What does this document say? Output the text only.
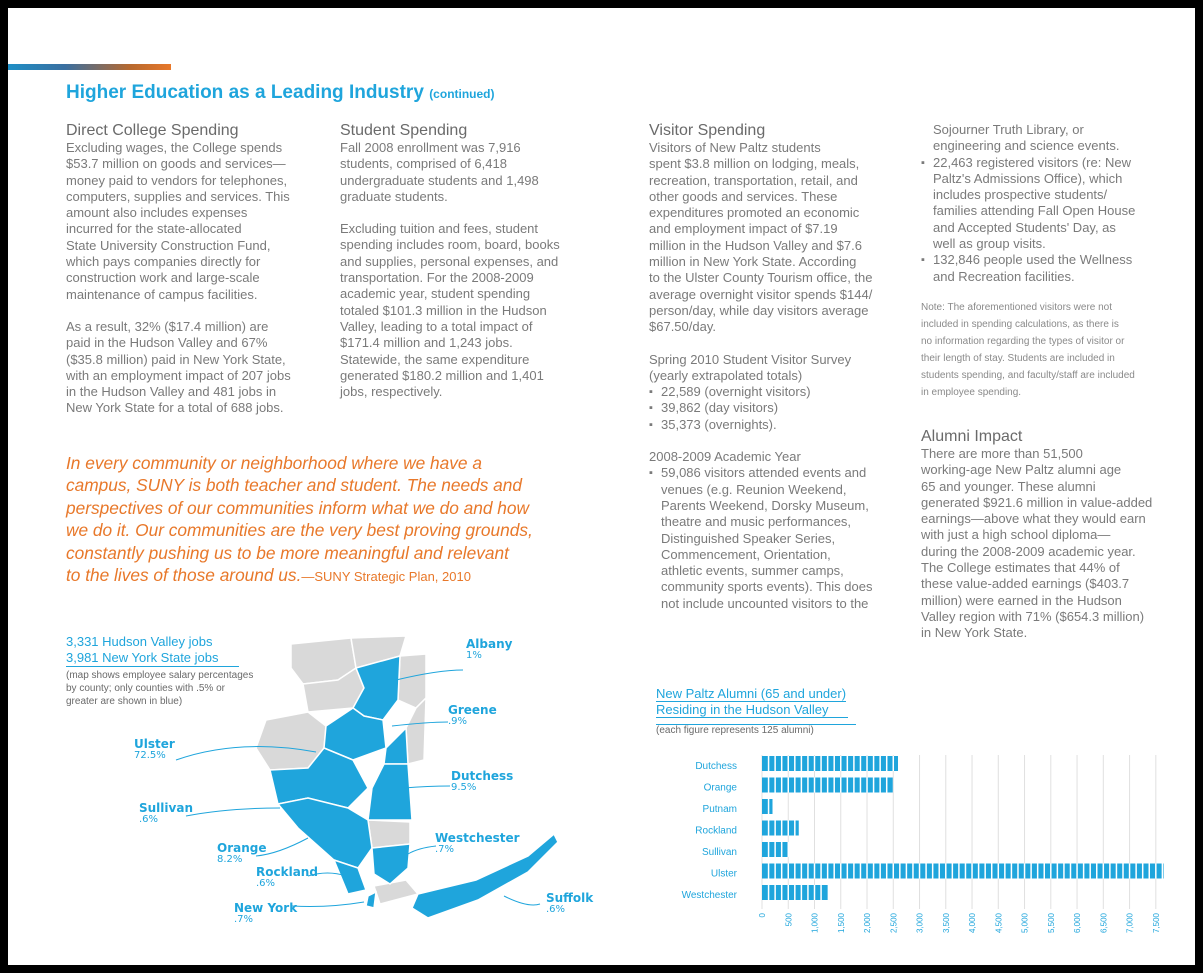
Higher Education as a Leading Industry (continued)
Direct College Spending

Excluding wages, the College spends
$53.7 million on goods and services—
money paid to vendors for telephones,
computers, supplies and services. This
amount also includes expenses
incurred for the state-allocated
State University Construction Fund,
which pays companies directly for
construction work and large-scale
maintenance of campus facilities.

As a result, 32% ($17.4 million) are
paid in the Hudson Valley and 67%
($35.8 million) paid in New York State,
with an employment impact of 207 jobs
in the Hudson Valley and 481 jobs in
New York State for a total of 688 jobs.

Student Spending

Fall 2008 enrollment was 7,916
students, comprised of 6,418
undergraduate students and 1,498
graduate students.

Excluding tuition and fees, student
spending includes room, board, books
and supplies, personal expenses, and
transportation. For the 2008-2009
academic year, student spending
totaled $101.3 million in the Hudson
Valley, leading to a total impact of
$171.4 million and 1,243 jobs.
Statewide, the same expenditure
generated $180.2 million and 1,401
jobs, respectively.

Visitor Spending

Visitors of New Paltz students
spent $3.8 million on lodging, meals,
recreation, transportation, retail, and
other goods and services. These
expenditures promoted an economic
and employment impact of $7.19
million in the Hudson Valley and $7.6
million in New York State. According
to the Ulster County Tourism office, the
average overnight visitor spends $144/
person/day, while day visitors average
$67.50/day.

Spring 2010 Student Visitor Survey
(yearly extrapolated totals)
▪ 22,589 (overnight visitors)
▪ 39,862 (day visitors)
▪ 35,373 (overnights).
2008-2009 Academic Year
▪ 59,086 visitors attended events and
venues (e.g. Reunion Weekend,
Parents Weekend, Dorsky Museum,
theatre and music performances,
Distinguished Speaker Series,
Commencement, Orientation,
athletic events, summer camps,
community sports events). This does
not include uncounted visitors to the
Sojourner Truth Library, or
engineering and science events.
▪ 22,463 registered visitors (re: New
Paltz's Admissions Office), which
includes prospective students/
families attending Fall Open House
and Accepted Students' Day, as
well as group visits.
▪ 132,846 people used the Wellness
and Recreation facilities.
Note: The aforementioned visitors were not
included in spending calculations, as there is
no information regarding the types of visitor or
their length of stay. Students are included in
students spending, and faculty/staff are included
in employee spending.
Alumni Impact

There are more than 51,500
working-age New Paltz alumni age
65 and younger. These alumni
generated $921.6 million in value-added
earnings—above what they would earn
with just a high school diploma—
during the 2008-2009 academic year.
The College estimates that 44% of
these value-added earnings ($403.7
million) were earned in the Hudson
Valley region with 71% ($654.3 million)
in New York State.

In every community or neighborhood where we have a
campus, SUNY is both teacher and student. The needs and
perspectives of our communities inform what we do and how
we do it. Our communities are the very best proving grounds,
constantly pushing us to be more meaningful and relevant
to the lives of those around us.—SUNY Strategic Plan, 2010
3,331 Hudson Valley jobs
3,981 New York State jobs
(map shows employee salary percentages
by county; only counties with .5% or
greater are shown in blue)
Albany
1%
Greene
.9%
Ulster
72.5%
Dutchess
9.5%
Sullivan
.6%
Orange
8.2%
Westchester
.7%
Rockland
.6%
New York
.7%
Suffolk
.6%
New Paltz Alumni (65 and under)
Residing in the Hudson Valley
(each figure represents 125 alumni)
0 500 1,000 1,500 2,000 2,500 3,000 3,500 4,000 4,500 5,000 5,500 6,000 6,500 7,000 7,500
Dutchess
Orange
Putnam
Rockland
Sullivan
Ulster
Westchester
